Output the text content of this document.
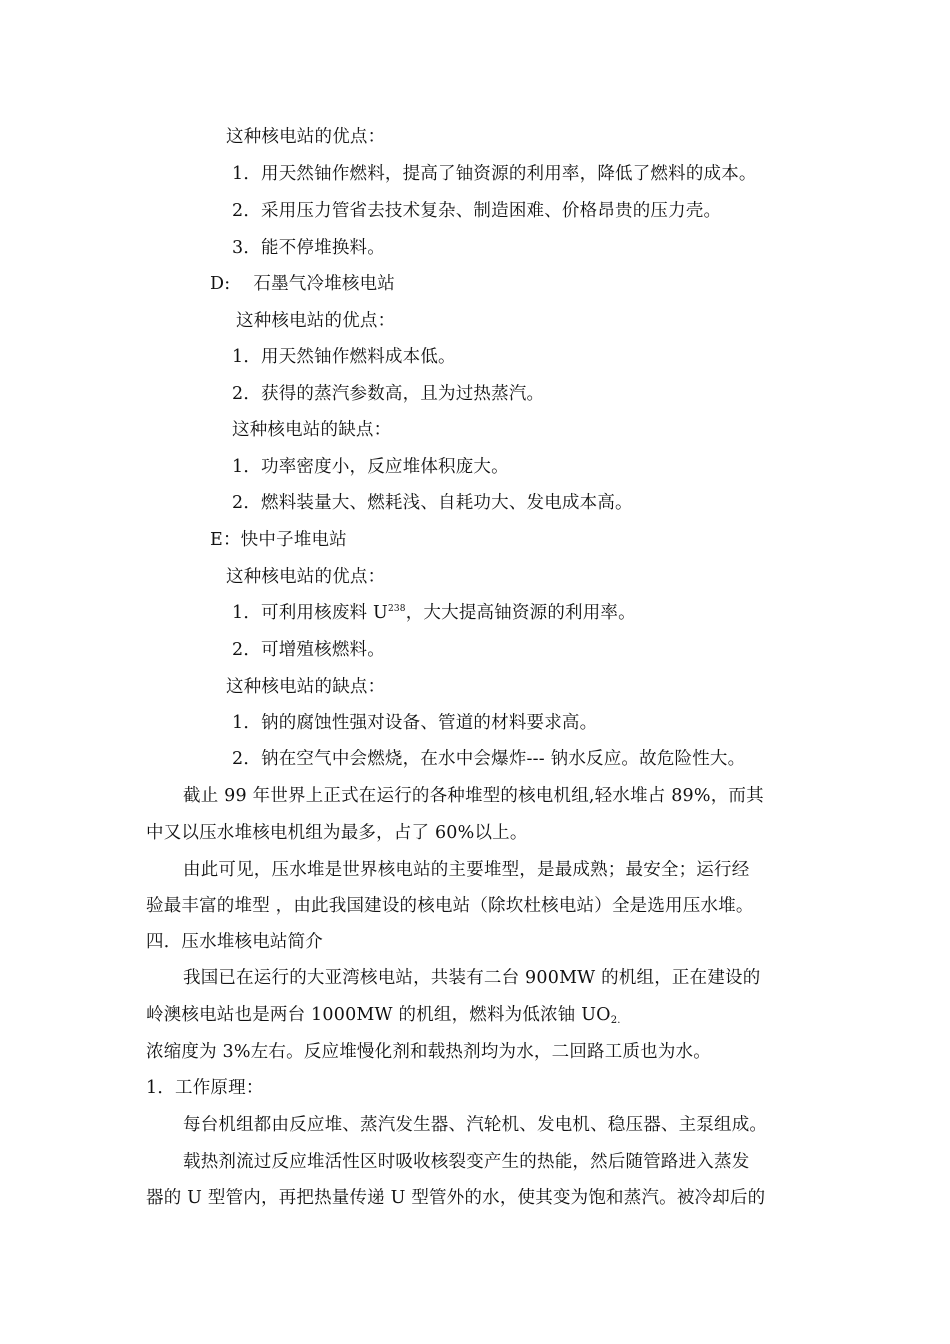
这种核电站的优点：
1．用天然铀作燃料，提高了铀资源的利用率，降低了燃料的成本。
2．采用压力管省去技术复杂、制造困难、价格昂贵的压力壳。
3．能不停堆换料。
D:    石墨气冷堆核电站
这种核电站的优点：
1．用天然铀作燃料成本低。
2．获得的蒸汽参数高，且为过热蒸汽。
这种核电站的缺点：
1．功率密度小，反应堆体积庞大。
2．燃料装量大、燃耗浅、自耗功大、发电成本高。
E：快中子堆电站
这种核电站的优点：
1．可利用核废料 $U^{238}$，大大提高铀资源的利用率。
2．可增殖核燃料。
这种核电站的缺点：
1．钠的腐蚀性强对设备、管道的材料要求高。
2．钠在空气中会燃烧，在水中会爆炸--- 钠水反应。故危险性大。
截止 99 年世界上正式在运行的各种堆型的核电机组,轻水堆占 89%，而其
中又以压水堆核电机组为最多，占了 60%以上。
由此可见，压水堆是世界核电站的主要堆型，是最成熟；最安全；运行经
验最丰富的堆型 ，由此我国建设的核电站（除坎杜核电站）全是选用压水堆。
四．压水堆核电站简介
我国已在运行的大亚湾核电站，共装有二台 900MW 的机组，正在建设的
岭澳核电站也是两台 1000MW 的机组，燃料为低浓铀 $UO_{2.}$
浓缩度为 3%左右。反应堆慢化剂和载热剂均为水，二回路工质也为水。
1．工作原理：
每台机组都由反应堆、蒸汽发生器、汽轮机、发电机、稳压器、主泵组成。
载热剂流过反应堆活性区时吸收核裂变产生的热能，然后随管路进入蒸发
器的 U 型管内，再把热量传递 U 型管外的水，使其变为饱和蒸汽。被冷却后的
